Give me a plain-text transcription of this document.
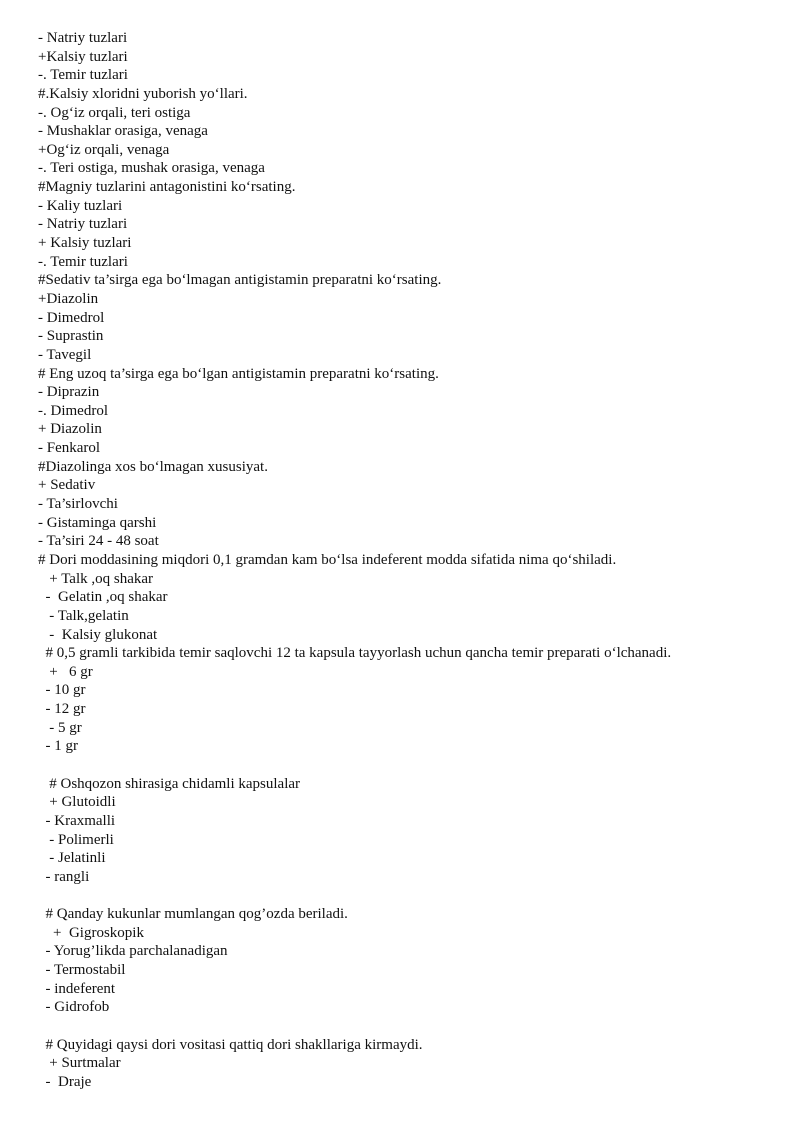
- Natriy tuzlari
+Kalsiy tuzlari
-. Temir tuzlari
#.Kalsiy xloridni yuborish yo‘llari.
-. Og‘iz orqali, teri ostiga
- Mushaklar orasiga, venaga
+Og‘iz orqali, venaga
-. Teri ostiga, mushak orasiga, venaga
#Magniy tuzlarini antagonistini ko‘rsating.
- Kaliy tuzlari
- Natriy tuzlari
+ Kalsiy tuzlari
-. Temir tuzlari
#Sedativ ta’sirga ega bo‘lmagan antigistamin preparatni ko‘rsating.
+Diazolin
- Dimedrol
- Suprastin
- Tavegil
# Eng uzoq ta’sirga ega bo‘lgan antigistamin preparatni ko‘rsating.
- Diprazin
-. Dimedrol
+ Diazolin
- Fenkarol
#Diazolinga xos bo‘lmagan xususiyat.
+ Sedativ
- Ta’sirlovchi
- Gistaminga qarshi
- Ta’siri 24 - 48 soat
# Dori moddasining miqdori 0,1 gramdan kam bo‘lsa indeferent modda sifatida nima qo‘shiladi.
+ Talk ,oq shakar
-  Gelatin ,oq shakar
- Talk,gelatin
-  Kalsiy glukonat
# 0,5 gramli tarkibida temir saqlovchi 12 ta kapsula tayyorlash uchun qancha temir preparati o‘lchanadi.
+   6 gr
- 10 gr
- 12 gr
- 5 gr
- 1 gr
# Oshqozon shirasiga chidamli kapsulalar
+ Glutoidli
- Kraxmalli
- Polimerli
- Jelatinli
- rangli
# Qanday kukunlar mumlangan qog’ozda beriladi.
+  Gigroskopik
- Yorug’likda parchalanadigan
- Termostabil
- indeferent
- Gidrofob
# Quyidagi qaysi dori vositasi qattiq dori shakllariga kirmaydi.
+ Surtmalar
-  Draje
